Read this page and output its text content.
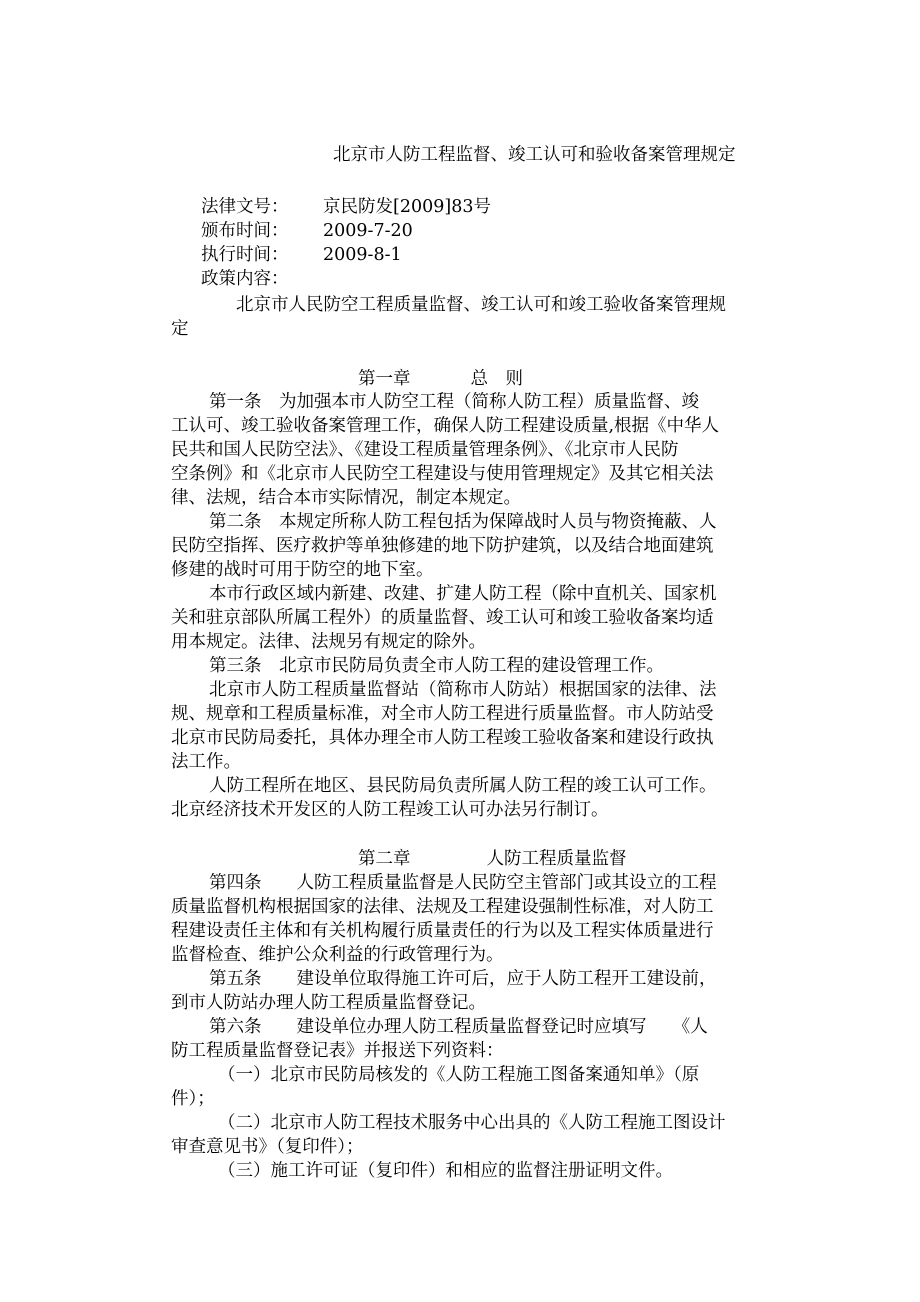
北京市人防工程监督、竣工认可和验收备案管理规定
法律文号： 京民防发[2009]83号
颁布时间： 2009-7-20
执行时间： 2009-8-1
政策内容：
北京市人民防空工程质量监督、竣工认可和竣工验收备案管理规
定
第一章	总　则
第一条　为加强本市人防空工程（简称人防工程）质量监督、竣
工认可、竣工验收备案管理工作，确保人防工程建设质量,根据《中华人
民共和国人民防空法》、《建设工程质量管理条例》、《北京市人民防
空条例》和《北京市人民防空工程建设与使用管理规定》及其它相关法
律、法规，结合本市实际情况，制定本规定。
第二条　本规定所称人防工程包括为保障战时人员与物资掩蔽、人
民防空指挥、医疗救护等单独修建的地下防护建筑，以及结合地面建筑
修建的战时可用于防空的地下室。
本市行政区域内新建、改建、扩建人防工程（除中直机关、国家机
关和驻京部队所属工程外）的质量监督、竣工认可和竣工验收备案均适
用本规定。法律、法规另有规定的除外。
第三条　北京市民防局负责全市人防工程的建设管理工作。
北京市人防工程质量监督站（简称市人防站）根据国家的法律、法
规、规章和工程质量标准，对全市人防工程进行质量监督。市人防站受
北京市民防局委托，具体办理全市人防工程竣工验收备案和建设行政执
法工作。
人防工程所在地区、县民防局负责所属人防工程的竣工认可工作。
北京经济技术开发区的人防工程竣工认可办法另行制订。
第二章	人防工程质量监督
第四条　　人防工程质量监督是人民防空主管部门或其设立的工程
质量监督机构根据国家的法律、法规及工程建设强制性标准，对人防工
程建设责任主体和有关机构履行质量责任的行为以及工程实体质量进行
监督检查、维护公众利益的行政管理行为。
第五条　　建设单位取得施工许可后，应于人防工程开工建设前，
到市人防站办理人防工程质量监督登记。
第六条　　建设单位办理人防工程质量监督登记时应填写　　《人
防工程质量监督登记表》并报送下列资料：
（一）北京市民防局核发的《人防工程施工图备案通知单》（原
件）；
（二）北京市人防工程技术服务中心出具的《人防工程施工图设计
审查意见书》（复印件）；
（三）施工许可证（复印件）和相应的监督注册证明文件。
